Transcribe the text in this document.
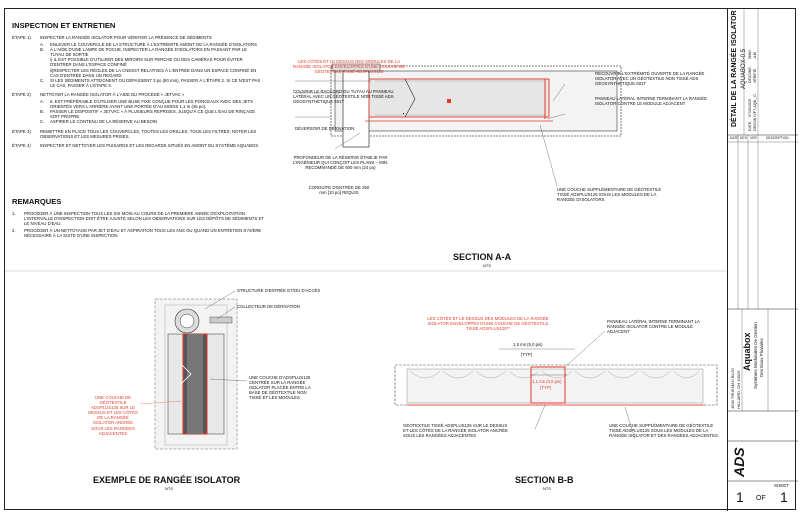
INSPECTION ET ENTRETIEN
ÉTAPE 1)	INSPECTER LA RANGÉE ISOLATOR POUR VÉRIFIER LA PRÉSENCE DE SÉDIMENTS
A.	ENLEVER LE COUVERCLE DE LA STRUCTURE À L'EXTRÉMITÉ AMONT DE LA RANGÉE D'ISOLATORS
B.	À L'AIDE D'UNE LAMPE DE POCHE, INSPECTER LA RANGÉE D'ISOLATORS EN PASSANT PAR LE TUYAU DE SORTIE
i) IL EST POSSIBLE D'UTILISER DES MIROIRS SUR PERCHE OU DES CAMÉRAS POUR ÉVITER D'ENTRER DANS L'ESPACE CONFINÉ
ii)RESPECTER LES RÈGLES DE LA CNESST RELATIVES À L'ENTRÉE DANS UN ESPACE CONFINÉ EN CAS D'ENTRÉE DANS UN REGARD
C.	SI LES SÉDIMENTS ATTEIGNENT OU DÉPASSENT 3 po (80 mm), PASSER À L'ÉTAPE 2. SI CE N'EST PAS LE CAS, PASSER À L'ÉTAPE 3.
ÉTAPE 2)	NETTOYER LA RANGÉE ISOLATOR À L'AIDE DU PROCÉDÉ « JETVAC »
A.	IL EST PRÉFÉRABLE D'UTILISER UNE BUSE FIXE CONÇUE POUR LES PONCEAUX AVEC DES JETS ORIENTÉS VERS L'ARRIÈRE AYANT UNE PORTÉE D'AU MOINS 1,1 m (45 po).
B.	PASSER LE DISPOSITIF « JETVAC » À PLUSIEURS REPRISES, JUSQU'À CE QUE L'EAU DE RINÇAGE SOIT PROPRE
C.	ASPIRER LE CONTENU DE LA RÉSERVE AU BESOIN
ÉTAPE 3)	REMETTRE EN PLACE TOUS LES COUVERCLES, TOUTES LES GRILLES, TOUS LES FILTRES; NOTER LES OBSERVATIONS ET LES MESURES PRISES.
ÉTAPE 4)	INSPECTER ET NETTOYER LES PUISARDS ET LES REGARDS SITUÉS EN AMONT DU SYSTÈME AQUABOX.
REMARQUES
1.	PROCÉDER À UNE INSPECTION TOUS LES SIX MOIS AU COURS DE LA PREMIÈRE ANNÉE D'EXPLOITATION. L'INTERVALLE D'INSPECTION DOIT ÊTRE AJUSTÉ SELON LES OBSERVATIONS SUR LES DÉPÔTS DE SÉDIMENTS ET LE NIVEAU D'EAU.
2.	PROCÉDER À UN NETTOYAGE PAR JET D'EAU ET ASPIRATION TOUS LES ANS OU QUAND UN ENTRETIEN S'AVÈRE NÉCESSAIRE À LA SUITE D'UNE INSPECTION.
LES CÔTÉS ET LE DESSUS DES MODULES DE LA RANGÉE ISOLATOR ENVELOPPÉS D'UNE COUCHE DE GÉOTEXTILE TISSÉ ADSPLUS125
COUVRIR LE RACCORD DU TUYAU AU PANNEAU LATÉRAL AVEC UN GÉOTEXTILE NON TISSÉ ADS GÉOSYNTHÉTIQUE 601T
DÉVERSOIR DE DÉRIVATION
PROFONDEUR DE LA RÉSERVE ÉTABLIE PAR L'INGÉNIEUR QUI CONÇOIT LES PLANS – MIN. RECOMMANDÉ DE 600 mm (24 po)
CONDUITE D'ENTRÉE DE 250 mm [10 po] REQUIS
RECOUVRIR L'EXTRÉMITÉ OUVERTE DE LA RANGÉE ISOLATOR AVEC UN GÉOTEXTILE NON TISSÉ ADS GÉOSYNTHÉTIQUE 601T
PANNEAU LATÉRAL INTERNE TERMINANT LA RANGÉE ISOLATOR CONTRE LE MODULE ADJACENT
UNE COUCHE SUPPLÉMENTAIRE DE GÉOTEXTILE TISSÉ ADSPLUS125 SOUS LES MODULES DE LA RANGÉE D'ISOLATORS
SECTION A-A
NTS
STRUCTURE D'ENTRÉE ET/OU D'ACCÈS
COLLECTEUR DE DÉRIVATION
UNE COUCHE D'ADSPLUS125 CENTRÉE SUR LA RANGÉE ISOLATOR PLACÉE ENTRE LA BASE DE GÉOTEXTILE NON TISSÉ ET LES MODULES
UNE COUCHE DE GÉOTEXTILE ADSPLUS125 SUR LE DESSUS ET LES CÔTÉS DE LA RANGÉE ISOLATOR ANCRÉE SOUS LES RANGÉES ADJACENTES
EXEMPLE DE RANGÉE ISOLATOR
NTS
LES CÔTÉS ET LE DESSUS DES MODULES DE LA RANGÉE ISOLATOR ENVELOPPÉS D'UNE COUCHE DE GÉOTEXTILE TISSÉ ADSPLUS125**
1,5 ms (5,0 pis)
(TYP)
1,1 ms (3,5 pis)
(TYP)
PANNEAU LATÉRAL INTERNE TERMINANT LA RANGÉE ISOLATOR CONTRE LE MODULE ADJACENT
GÉOTEXTILE TISSÉ ADSPLUS125 SUR LE DESSUS ET LES CÔTÉS DE LA RANGÉE ISOLATOR ANCRÉE SOUS LES RANGÉES ADJACENTES
UNE COUCHE SUPPLÉMENTAIRE DE GÉOTEXTILE TISSÉ ADSPLUS125 SOUS LES MODULES DE LA RANGÉE ISOLATOR ET DES RANGÉES ADJACENTES.
SECTION B-B
NTS
DÉTAIL DE LA RANGÉE ISOLATOR AQUABOX-0.5
DATE:
07/10/2025
DESSINÉ:
SMW
DESSIN N°:
FT-AQB-_G
VÉRIFIÉ:
JLM
DATE DES VER	DESCRIPTION
Aquabox Systèmes Modulaires De Gestion Des Eaux Pluviales
4640 TRUEMAN BLVD HILLIARD, OH 43026
ADS
SHEET
1 OF 1
